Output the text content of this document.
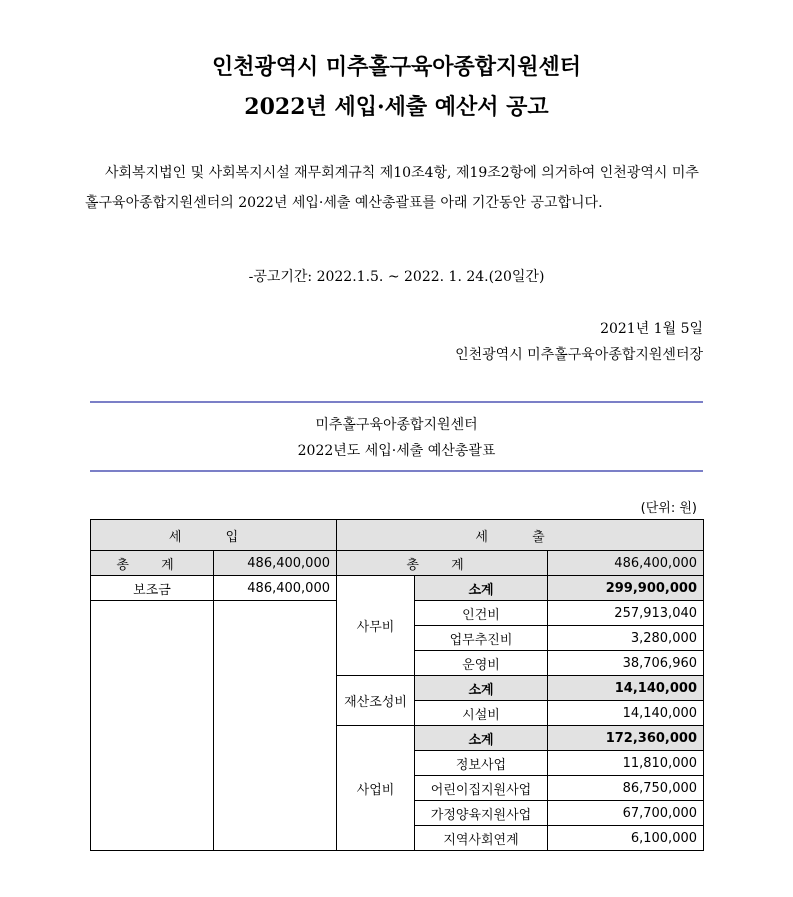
인천광역시 미추홀구육아종합지원센터
2022년 세입·세출 예산서 공고
사회복지법인 및 사회복지시설 재무회계규칙 제10조4항, 제19조2항에 의거하여 인천광역시 미추홀구육아종합지원센터의 2022년 세입·세출 예산총괄표를 아래 기간동안 공고합니다.
-공고기간: 2022.1.5. ~ 2022. 1. 24.(20일간)
2021년 1월 5일
인천광역시 미추홀구육아종합지원센터장
미추홀구육아종합지원센터
2022년도 세입·세출 예산총괄표
(단위: 원)
세 입		세 출		
총 계	486,400,000	총 계		486,400,000
보조금	486,400,000	사무비	소계	299,900,000
			인건비	257,913,040
			업무추진비	3,280,000
			운영비	38,706,960
		재산조성비	소계	14,140,000
			시설비	14,140,000
		사업비	소계	172,360,000
			정보사업	11,810,000
			어린이집지원사업	86,750,000
			가정양육지원사업	67,700,000
			지역사회연계	6,100,000
